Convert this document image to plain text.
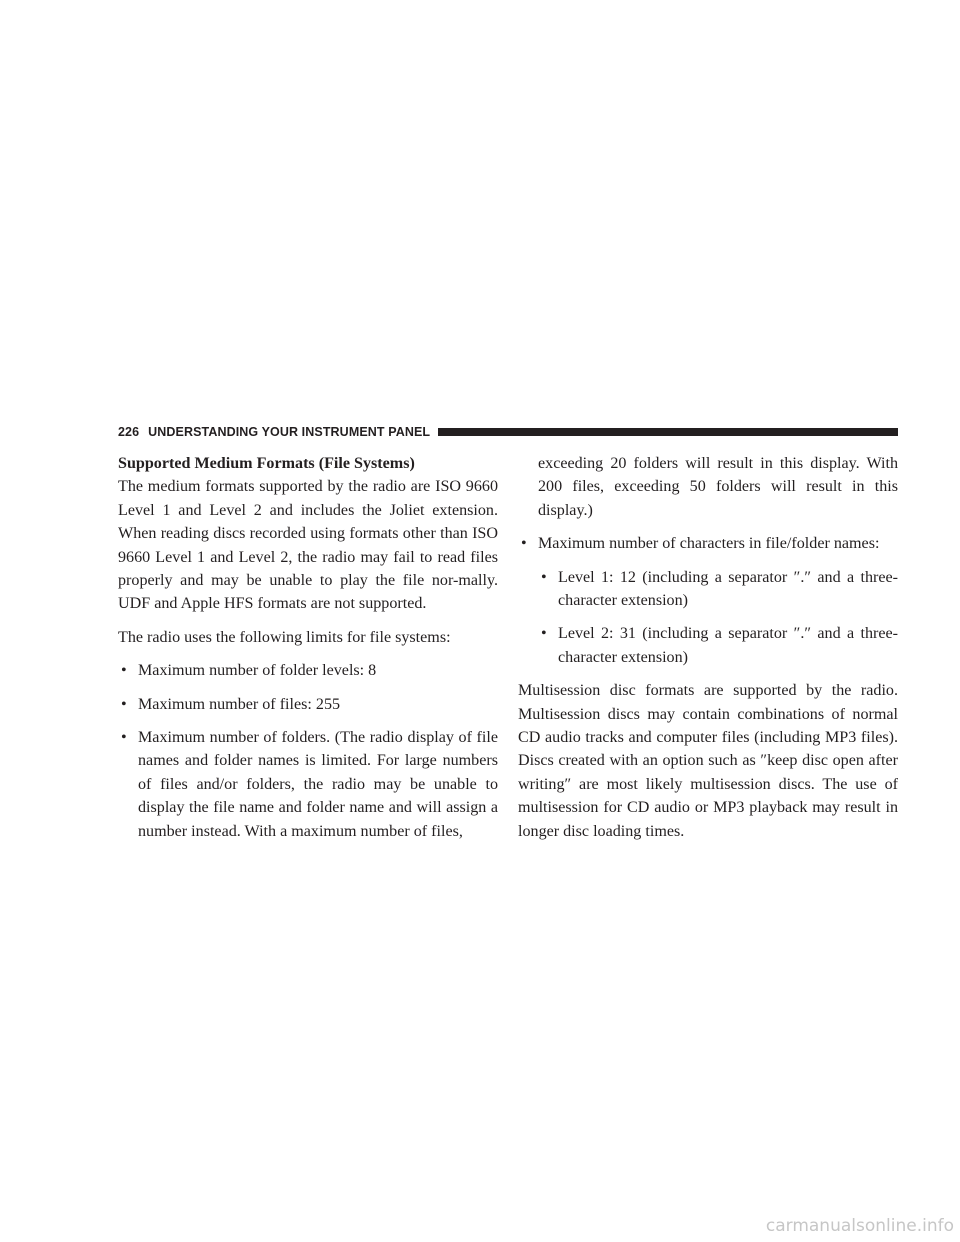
226 UNDERSTANDING YOUR INSTRUMENT PANEL

Supported Medium Formats (File Systems)

The medium formats supported by the radio are ISO 9660 Level 1 and Level 2 and includes the Joliet extension. When reading discs recorded using formats other than ISO 9660 Level 1 and Level 2, the radio may fail to read files properly and may be unable to play the file nor-mally. UDF and Apple HFS formats are not supported.

The radio uses the following limits for file systems:

• Maximum number of folder levels: 8
• Maximum number of files: 255
• Maximum number of folders. (The radio display of file names and folder names is limited. For large numbers of files and/or folders, the radio may be unable to display the file name and folder name and will assign a number instead. With a maximum number of files,

exceeding 20 folders will result in this display. With 200 files, exceeding 50 folders will result in this display.)

• Maximum number of characters in file/folder names:
• Level 1: 12 (including a separator ″.″ and a three-character extension)
• Level 2: 31 (including a separator ″.″ and a three-character extension)

Multisession disc formats are supported by the radio. Multisession discs may contain combinations of normal CD audio tracks and computer files (including MP3 files). Discs created with an option such as ″keep disc open after writing″ are most likely multisession discs. The use of multisession for CD audio or MP3 playback may result in longer disc loading times.

carmanualsonline.info
